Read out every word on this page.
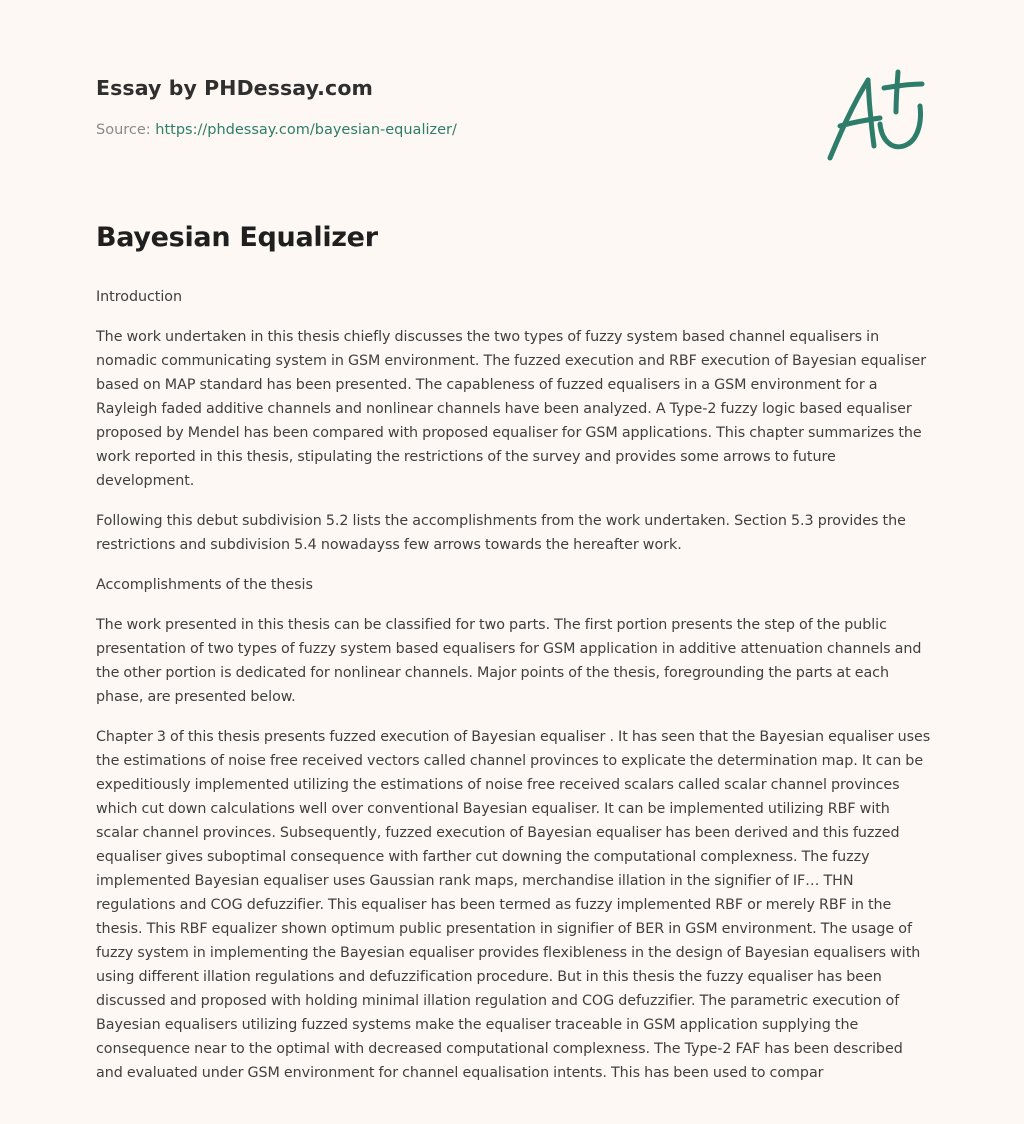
Essay by PHDessay.com
Source: https://phdessay.com/bayesian-equalizer/
Bayesian Equalizer

Introduction

The work undertaken in this thesis chiefly discusses the two types of fuzzy system based channel equalisers in nomadic communicating system in GSM environment. The fuzzed execution and RBF execution of Bayesian equaliser based on MAP standard has been presented. The capableness of fuzzed equalisers in a GSM environment for a Rayleigh faded additive channels and nonlinear channels have been analyzed. A Type-2 fuzzy logic based equaliser proposed by Mendel has been compared with proposed equaliser for GSM applications. This chapter summarizes the work reported in this thesis, stipulating the restrictions of the survey and provides some arrows to future development.

Following this debut subdivision 5.2 lists the accomplishments from the work undertaken. Section 5.3 provides the restrictions and subdivision 5.4 nowadayss few arrows towards the hereafter work.

Accomplishments of the thesis

The work presented in this thesis can be classified for two parts. The first portion presents the step of the public presentation of two types of fuzzy system based equalisers for GSM application in additive attenuation channels and the other portion is dedicated for nonlinear channels. Major points of the thesis, foregrounding the parts at each phase, are presented below.

Chapter 3 of this thesis presents fuzzed execution of Bayesian equaliser . It has seen that the Bayesian equaliser uses the estimations of noise free received vectors called channel provinces to explicate the determination map. It can be expeditiously implemented utilizing the estimations of noise free received scalars called scalar channel provinces which cut down calculations well over conventional Bayesian equaliser. It can be implemented utilizing RBF with scalar channel provinces. Subsequently, fuzzed execution of Bayesian equaliser has been derived and this fuzzed equaliser gives suboptimal consequence with farther cut downing the computational complexness. The fuzzy implemented Bayesian equaliser uses Gaussian rank maps, merchandise illation in the signifier of IF… THN regulations and COG defuzzifier. This equaliser has been termed as fuzzy implemented RBF or merely RBF in the thesis. This RBF equalizer shown optimum public presentation in signifier of BER in GSM environment. The usage of fuzzy system in implementing the Bayesian equaliser provides flexibleness in the design of Bayesian equalisers with using different illation regulations and defuzzification procedure. But in this thesis the fuzzy equaliser has been discussed and proposed with holding minimal illation regulation and COG defuzzifier. The parametric execution of Bayesian equalisers utilizing fuzzed systems make the equaliser traceable in GSM application supplying the consequence near to the optimal with decreased computational complexness. The Type-2 FAF has been described and evaluated under GSM environment for channel equalisation intents. This has been used to compar
